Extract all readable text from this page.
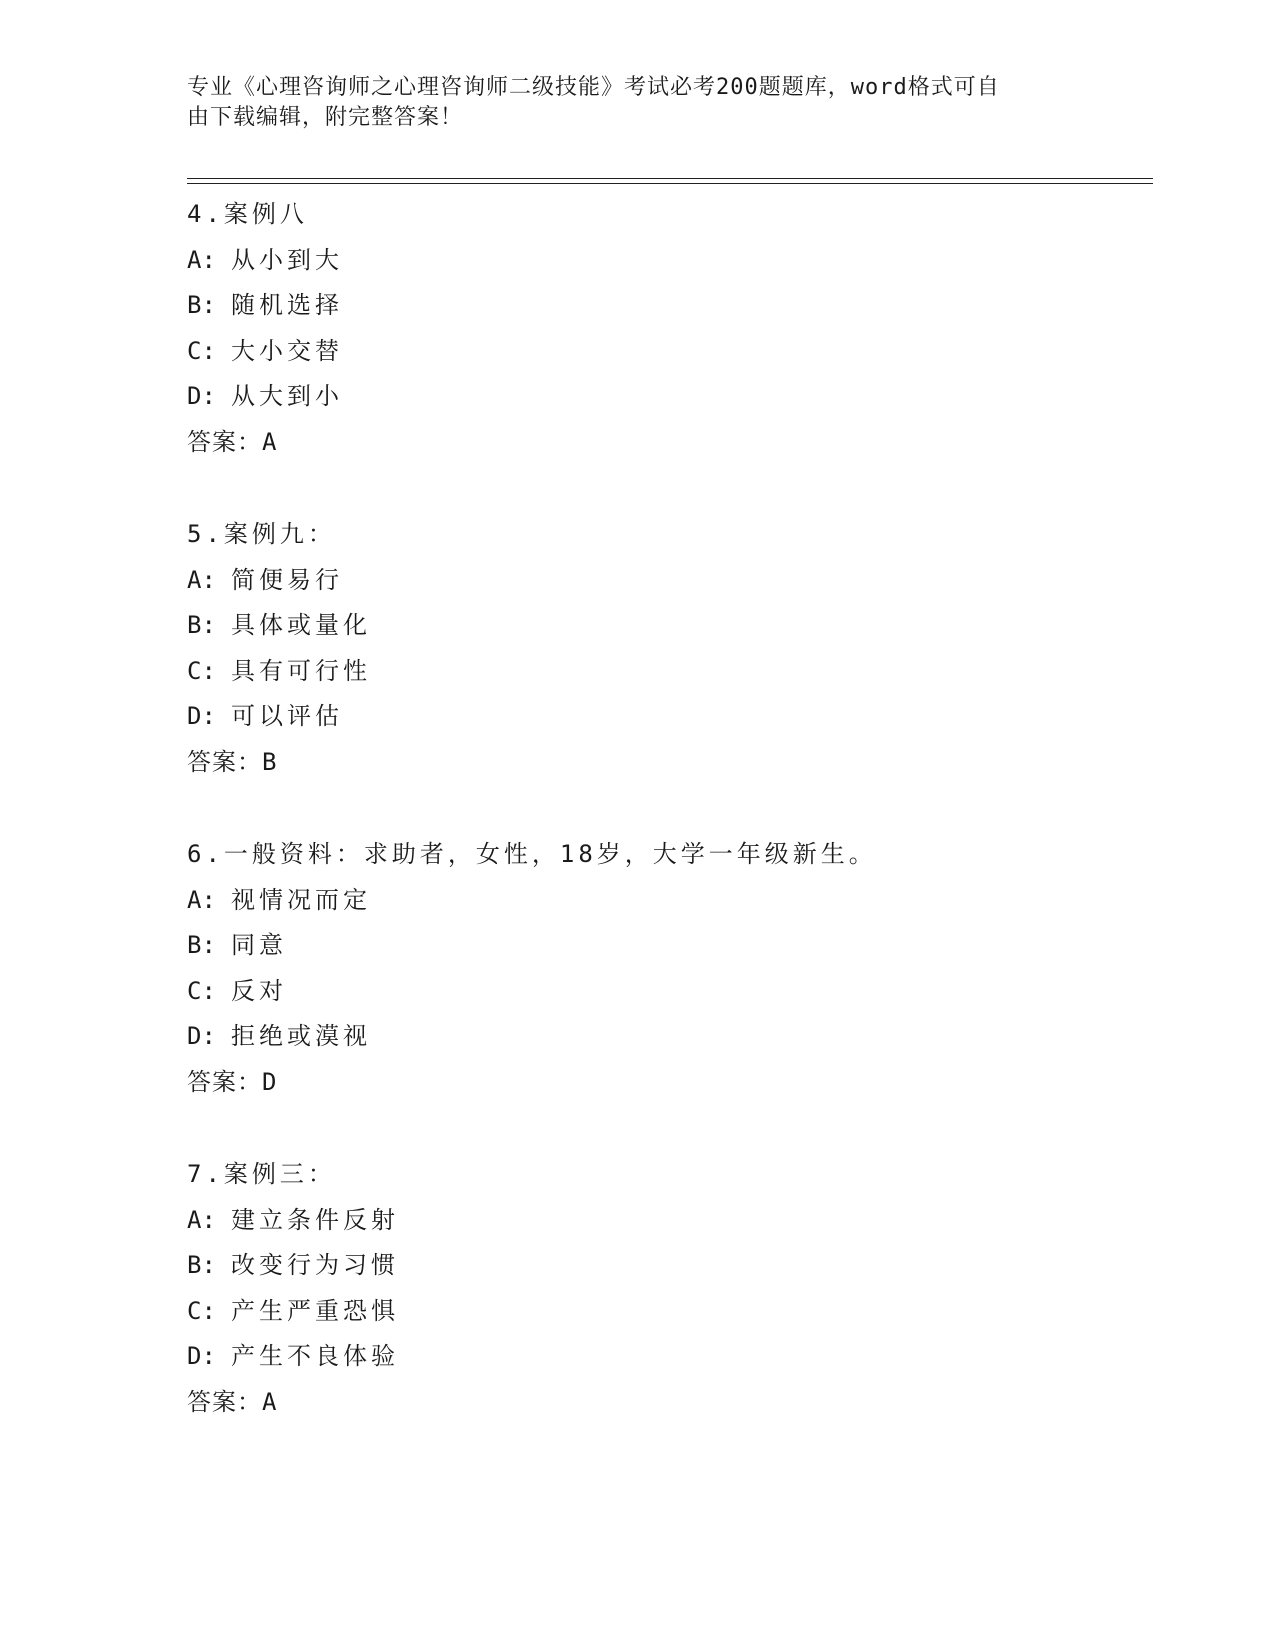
专业《心理咨询师之心理咨询师二级技能》考试必考200题题库，word格式可自
由下载编辑，附完整答案！
4.案例八
A: 从小到大
B: 随机选择
C: 大小交替
D: 从大到小
答案：A
5.案例九：
A: 简便易行
B: 具体或量化
C: 具有可行性
D: 可以评估
答案：B
6.一般资料：求助者，女性，18岁，大学一年级新生。
A: 视情况而定
B: 同意
C: 反对
D: 拒绝或漠视
答案：D
7.案例三：
A: 建立条件反射
B: 改变行为习惯
C: 产生严重恐惧
D: 产生不良体验
答案：A
